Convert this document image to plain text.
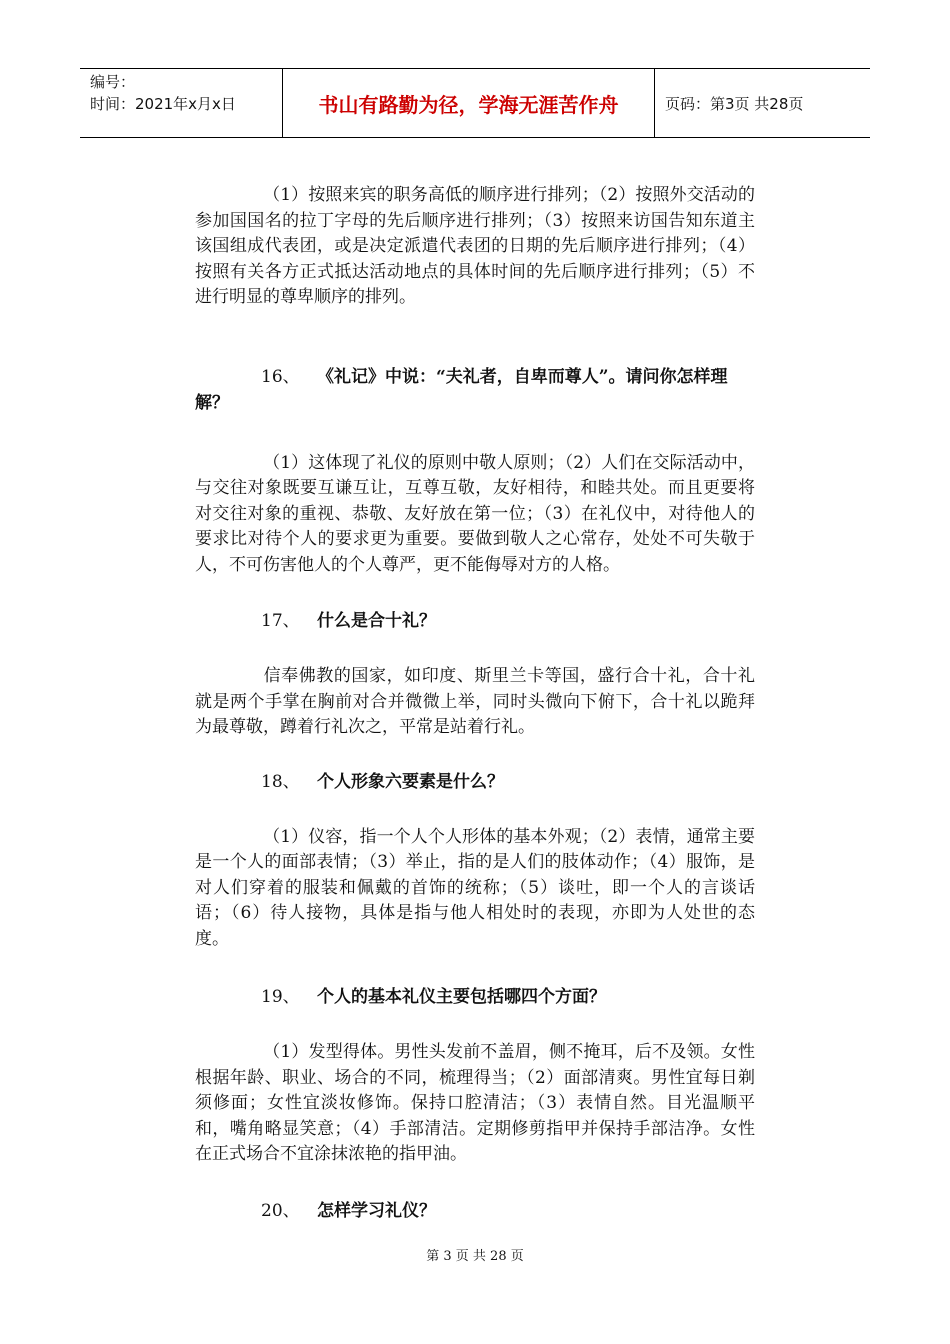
编号：
时间：2021年x月x日	书山有路勤为径，学海无涯苦作舟	页码：第3页 共28页

（1）按照来宾的职务高低的顺序进行排列；（2）按照外交活动的参加国国名的拉丁字母的先后顺序进行排列；（3）按照来访国告知东道主该国组成代表团，或是决定派遣代表团的日期的先后顺序进行排列；（4）按照有关各方正式抵达活动地点的具体时间的先后顺序进行排列；（5）不进行明显的尊卑顺序的排列。

16、 《礼记》中说：“夫礼者，自卑而尊人”。请问你怎样理解？

（1）这体现了礼仪的原则中敬人原则；（2）人们在交际活动中，与交往对象既要互谦互让，互尊互敬，友好相待，和睦共处。而且更要将对交往对象的重视、恭敬、友好放在第一位；（3）在礼仪中，对待他人的要求比对待个人的要求更为重要。要做到敬人之心常存，处处不可失敬于人，不可伤害他人的个人尊严，更不能侮辱对方的人格。

17、 什么是合十礼？

信奉佛教的国家，如印度、斯里兰卡等国，盛行合十礼，合十礼就是两个手掌在胸前对合并微微上举，同时头微向下俯下，合十礼以跪拜为最尊敬，蹲着行礼次之，平常是站着行礼。

18、 个人形象六要素是什么？

（1）仪容，指一个人个人形体的基本外观；（2）表情，通常主要是一个人的面部表情；（3）举止，指的是人们的肢体动作；（4）服饰，是对人们穿着的服装和佩戴的首饰的统称；（5）谈吐，即一个人的言谈话语；（6）待人接物，具体是指与他人相处时的表现，亦即为人处世的态度。

19、 个人的基本礼仪主要包括哪四个方面？

（1）发型得体。男性头发前不盖眉，侧不掩耳，后不及领。女性根据年龄、职业、场合的不同，梳理得当；（2）面部清爽。男性宜每日剃须修面；女性宜淡妆修饰。保持口腔清洁；（3）表情自然。目光温顺平和，嘴角略显笑意；（4）手部清洁。定期修剪指甲并保持手部洁净。女性在正式场合不宜涂抹浓艳的指甲油。

20、 怎样学习礼仪？

第 3 页 共 28 页
